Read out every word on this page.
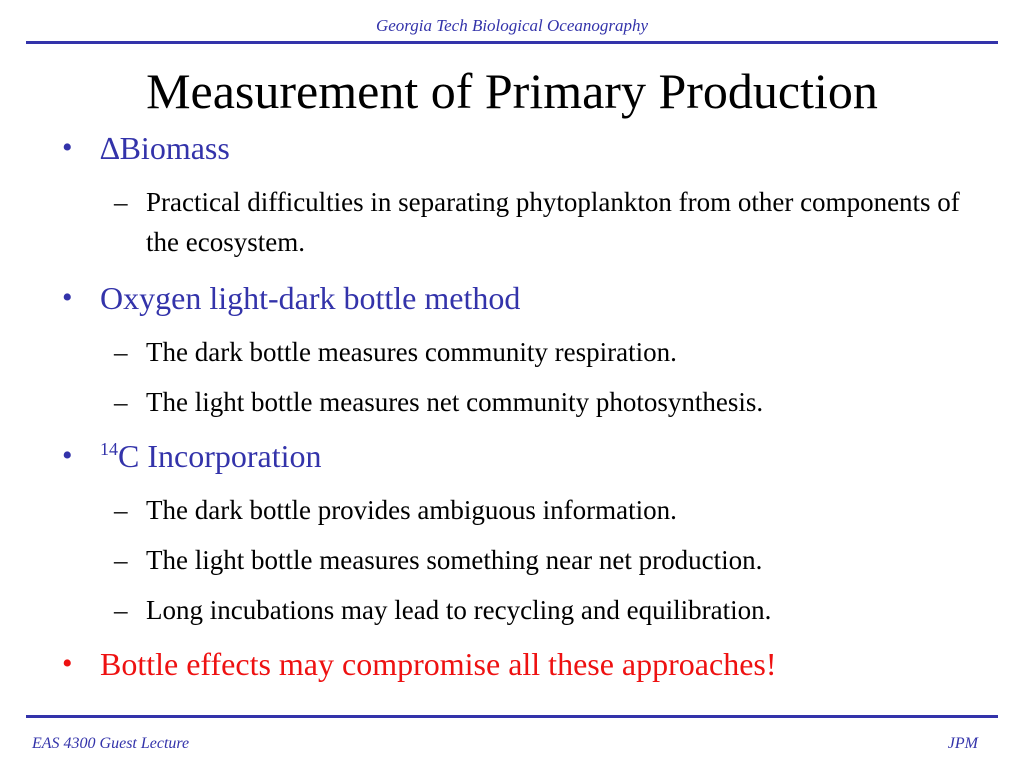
Georgia Tech Biological Oceanography
Measurement of Primary Production
• ∆Biomass
– Practical difficulties in separating phytoplankton from other components of the ecosystem.
• Oxygen light-dark bottle method
– The dark bottle measures community respiration.
– The light bottle measures net community photosynthesis.
• $^{14}$C Incorporation
– The dark bottle provides ambiguous information.
– The light bottle measures something near net production.
– Long incubations may lead to recycling and equilibration.
• Bottle effects may compromise all these approaches!
EAS 4300 Guest Lecture	JPM
